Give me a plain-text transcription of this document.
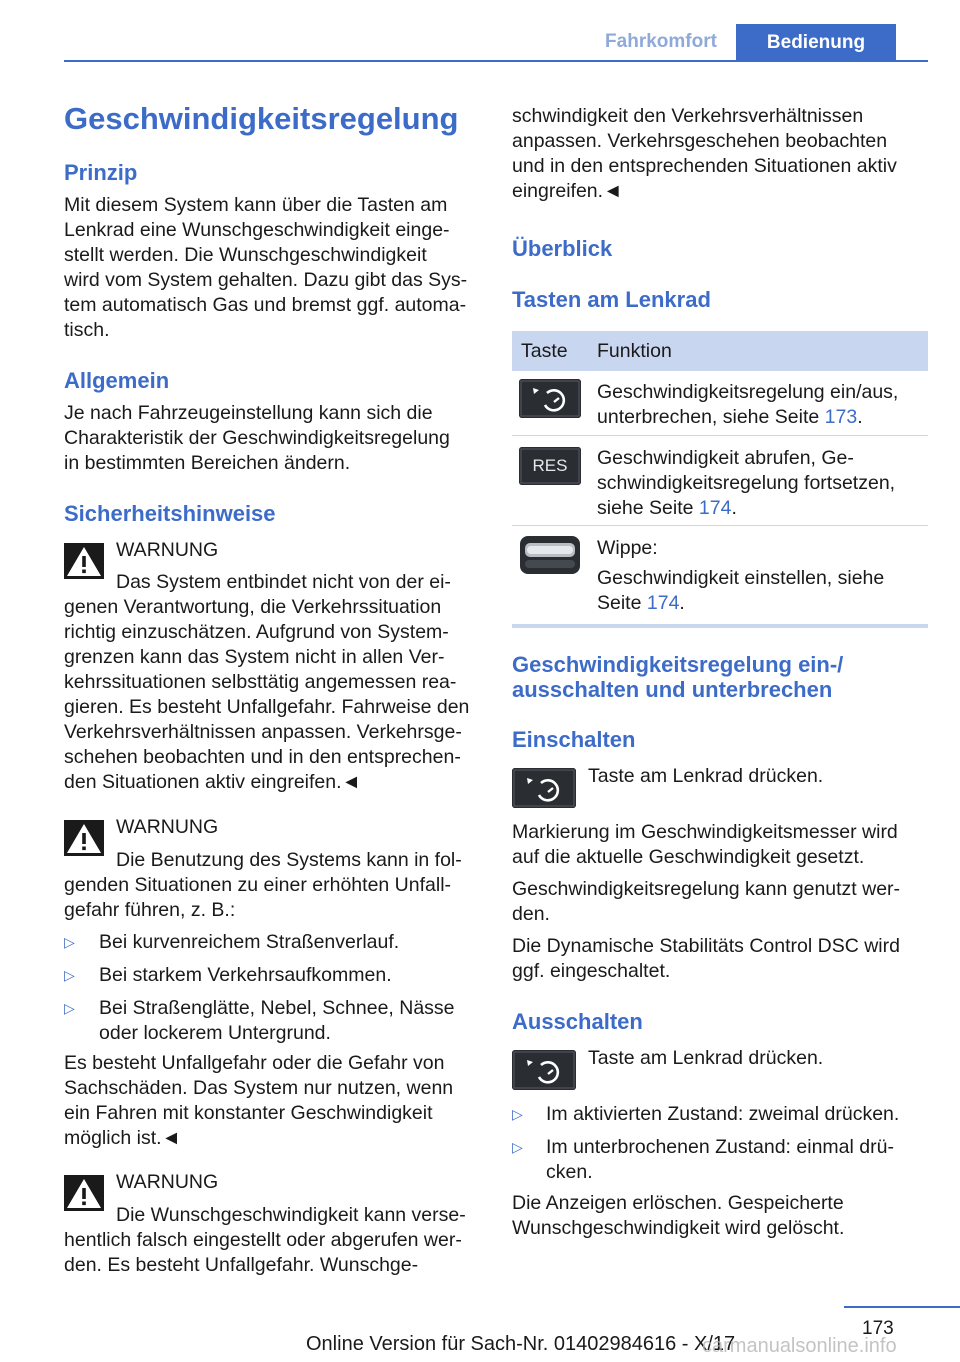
Fahrkomfort	Bedienung
Geschwindigkeitsregelung
Prinzip

Mit diesem System kann über die Tasten am

Lenkrad eine Wunschgeschwindigkeit einge-

stellt werden. Die Wunschgeschwindigkeit

wird vom System gehalten. Dazu gibt das Sys-

tem automatisch Gas und bremst ggf. automa-

tisch.

Allgemein

Je nach Fahrzeugeinstellung kann sich die

Charakteristik der Geschwindigkeitsregelung

in bestimmten Bereichen ändern.

Sicherheitshinweise
WARNUNG
Das System entbindet nicht von der ei-

genen Verantwortung, die Verkehrssituation

richtig einzuschätzen. Aufgrund von System-

grenzen kann das System nicht in allen Ver-

kehrssituationen selbsttätig angemessen rea-

gieren. Es besteht Unfallgefahr. Fahrweise den

Verkehrsverhältnissen anpassen. Verkehrsge-

schehen beobachten und in den entsprechen-

den Situationen aktiv eingreifen.◄

WARNUNG
Die Benutzung des Systems kann in fol-

genden Situationen zu einer erhöhten Unfall-

gefahr führen, z. B.:

▷ Bei kurvenreichem Straßenverlauf.
▷ Bei starkem Verkehrsaufkommen.
▷ Bei Straßenglätte, Nebel, Schnee, Nässe
oder lockerem Untergrund.

Es besteht Unfallgefahr oder die Gefahr von

Sachschäden. Das System nur nutzen, wenn

ein Fahren mit konstanter Geschwindigkeit

möglich ist.◄

WARNUNG
Die Wunschgeschwindigkeit kann verse-

hentlich falsch eingestellt oder abgerufen wer-

den. Es besteht Unfallgefahr. Wunschge-

schwindigkeit den Verkehrsverhältnissen

anpassen. Verkehrsgeschehen beobachten

und in den entsprechenden Situationen aktiv

eingreifen.◄

Überblick
Tasten am Lenkrad
Taste Funktion

Geschwindigkeitsregelung ein/aus,

unterbrechen, siehe Seite 173.

RES	Geschwindigkeit abrufen, Ge-

schwindigkeitsregelung fortsetzen,

siehe Seite 174.

Wippe:

Geschwindigkeit einstellen, siehe

Seite 174.

Geschwindigkeitsregelung ein-/
ausschalten und unterbrechen
Einschalten
Taste am Lenkrad drücken.

Markierung im Geschwindigkeitsmesser wird

auf die aktuelle Geschwindigkeit gesetzt.

Geschwindigkeitsregelung kann genutzt wer-

den.

Die Dynamische Stabilitäts Control DSC wird

ggf. eingeschaltet.

Ausschalten
Taste am Lenkrad drücken.
▷ Im aktivierten Zustand: zweimal drücken.
▷ Im unterbrochenen Zustand: einmal drü-
cken.

Die Anzeigen erlöschen. Gespeicherte

Wunschgeschwindigkeit wird gelöscht.

173
Online Version für Sach-Nr. 01402984616 - X/17
carmanualsonline.info
